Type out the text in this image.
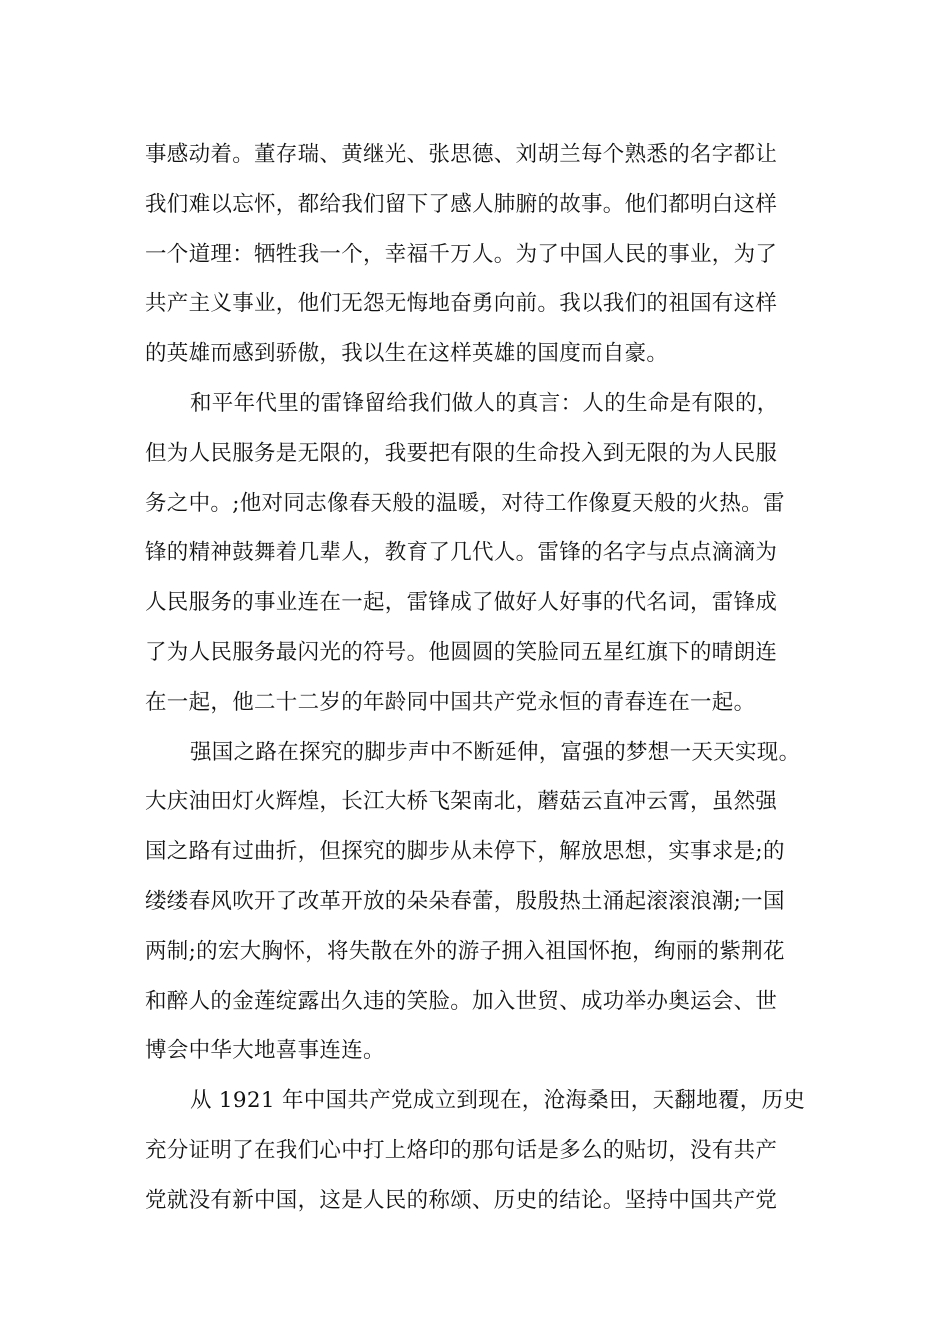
事感动着。董存瑞、黄继光、张思德、刘胡兰每个熟悉的名字都让
我们难以忘怀，都给我们留下了感人肺腑的故事。他们都明白这样
一个道理：牺牲我一个，幸福千万人。为了中国人民的事业，为了
共产主义事业，他们无怨无悔地奋勇向前。我以我们的祖国有这样
的英雄而感到骄傲，我以生在这样英雄的国度而自豪。
和平年代里的雷锋留给我们做人的真言：人的生命是有限的，
但为人民服务是无限的，我要把有限的生命投入到无限的为人民服
务之中。;他对同志像春天般的温暖，对待工作像夏天般的火热。雷
锋的精神鼓舞着几辈人，教育了几代人。雷锋的名字与点点滴滴为
人民服务的事业连在一起，雷锋成了做好人好事的代名词，雷锋成
了为人民服务最闪光的符号。他圆圆的笑脸同五星红旗下的晴朗连
在一起，他二十二岁的年龄同中国共产党永恒的青春连在一起。
强国之路在探究的脚步声中不断延伸，富强的梦想一天天实现。
大庆油田灯火辉煌，长江大桥飞架南北，蘑菇云直冲云霄，虽然强
国之路有过曲折，但探究的脚步从未停下，解放思想，实事求是;的
缕缕春风吹开了改革开放的朵朵春蕾，殷殷热土涌起滚滚浪潮;一国
两制;的宏大胸怀，将失散在外的游子拥入祖国怀抱，绚丽的紫荆花
和醉人的金莲绽露出久违的笑脸。加入世贸、成功举办奥运会、世
博会中华大地喜事连连。
从 1921 年中国共产党成立到现在，沧海桑田，天翻地覆，历史
充分证明了在我们心中打上烙印的那句话是多么的贴切，没有共产
党就没有新中国，这是人民的称颂、历史的结论。坚持中国共产党
